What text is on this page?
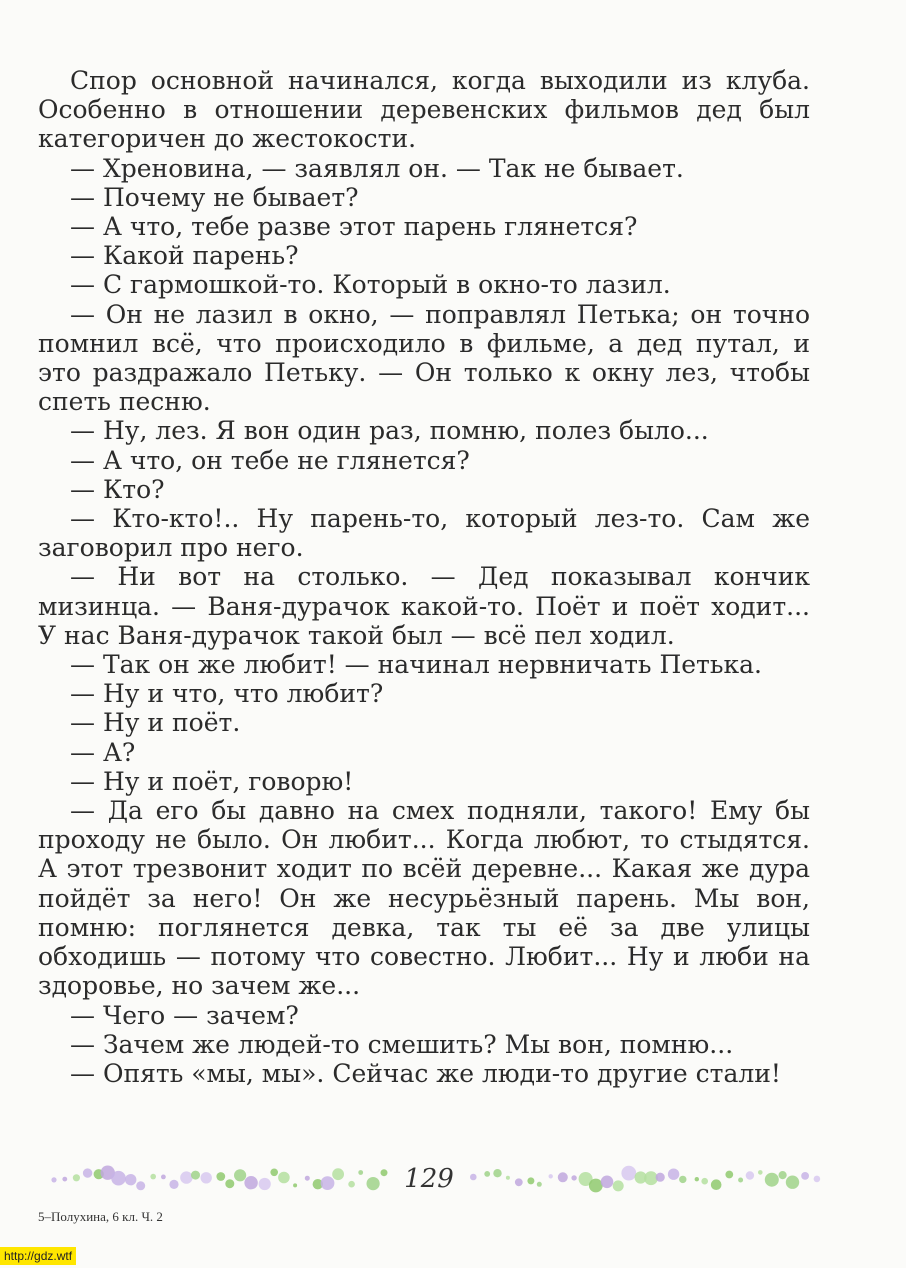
Спор основной начинался, когда выходили из клуба. Особенно в отношении деревенских фильмов дед был категоричен до жестокости.

— Хреновина, — заявлял он. — Так не бывает.

— Почему не бывает?

— А что, тебе разве этот парень глянется?

— Какой парень?

— С гармошкой-то. Который в окно-то лазил.

— Он не лазил в окно, — поправлял Петька; он точно помнил всё, что происходило в фильме, а дед путал, и это раздражало Петьку. — Он только к окну лез, чтобы спеть песню.

— Ну, лез. Я вон один раз, помню, полез было...

— А что, он тебе не глянется?

— Кто?

— Кто-кто!.. Ну парень-то, который лез-то. Сам же заговорил про него.

— Ни вот на столько. — Дед показывал кончик мизинца. — Ваня-дурачок какой-то. Поёт и поёт ходит... У нас Ваня-дурачок такой был — всё пел ходил.

— Так он же любит! — начинал нервничать Петька.

— Ну и что, что любит?

— Ну и поёт.

— А?

— Ну и поёт, говорю!

— Да его бы давно на смех подняли, такого! Ему бы проходу не было. Он любит... Когда любют, то стыдятся. А этот трезвонит ходит по всёй деревне... Какая же дура пойдёт за него! Он же несурьёзный парень. Мы вон, помню: поглянется девка, так ты её за две улицы обходишь — потому что совестно. Любит... Ну и люби на здоровье, но зачем же...

— Чего — зачем?

— Зачем же людей-то смешить? Мы вон, помню...

— Опять «мы, мы». Сейчас же люди-то другие стали!

129
5–Полухина, 6 кл. Ч. 2
http://gdz.wtf
